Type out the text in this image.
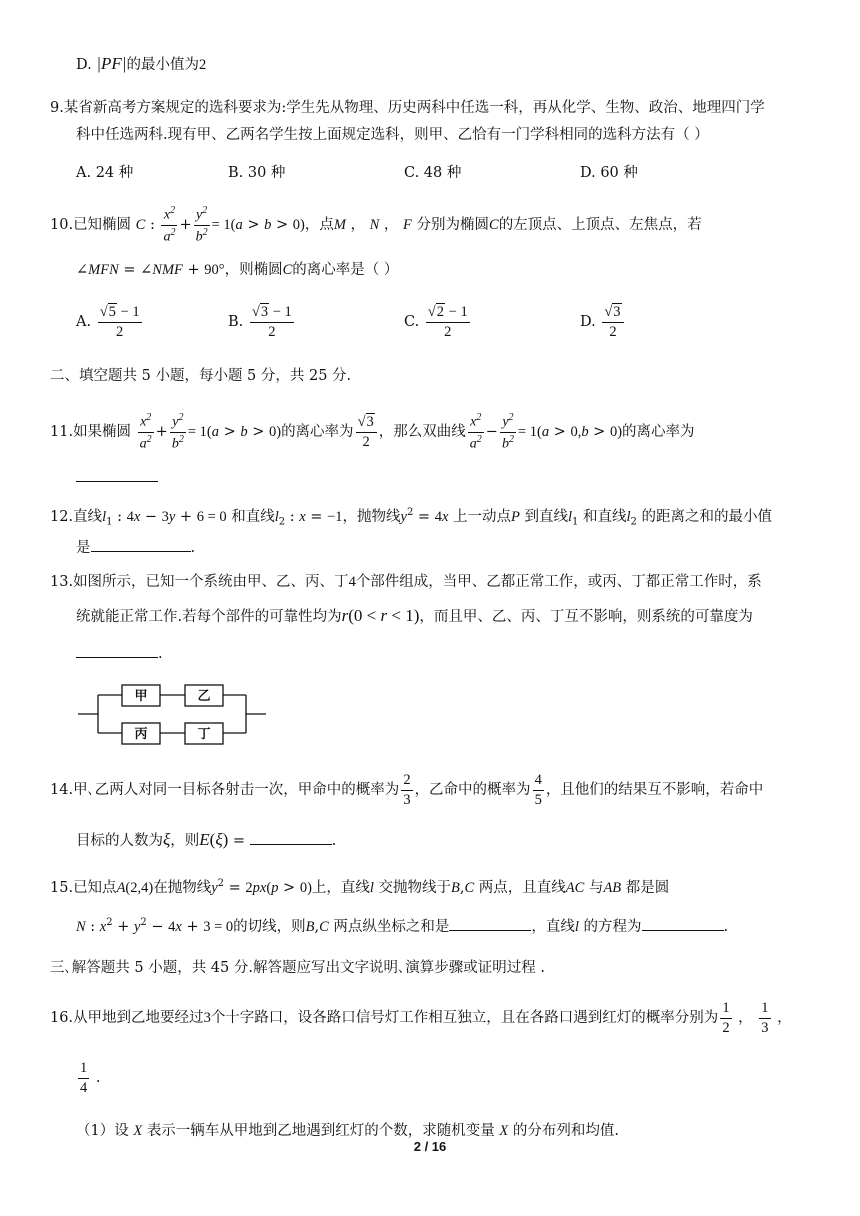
D. |PF|的最小值为2
9.某省新高考方案规定的选科要求为:学生先从物理、历史两科中任选一科，再从化学、生物、政治、地理四门学
科中任选两科.现有甲、乙两名学生按上面规定选科，则甲、乙恰有一门学科相同的选科方法有（ ）
A. 24 种	B. 30 种	C. 48 种	D. 60 种
10.已知椭圆 C : $\frac{x^2}{a^2} + \frac{y^2}{b^2} = 1(a > b > 0)$，点M ， N ， F 分别为椭圆C的左顶点、上顶点、左焦点，若
∠MFN = ∠NMF + 90°，则椭圆C的离心率是（ ）
A. $\frac{√5 - 1}{2}$	B. $\frac{√3 - 1}{2}$	C. $\frac{√2 - 1}{2}$	D. $\frac{√3}{2}$
二、填空题共 5 小题，每小题 5 分，共 25 分.
11.如果椭圆 $\frac{x^2}{a^2} + \frac{y^2}{b^2} = 1(a > b > 0)$的离心率为 $\frac{√3}{2}$ ，那么双曲线 $\frac{x^2}{a^2} - \frac{y^2}{b^2} = 1(a > 0,b > 0)$的离心率为
12.直线$l_1$ : 4x − 3y + 6 = 0 和直线$l_2$ : x = −1，抛物线$y^2 = 4x$ 上一动点P 到直线$l_1$ 和直线$l_2$ 的距离之和的最小值
是	.
13.如图所示，已知一个系统由甲、乙、丙、丁4个部件组成，当甲、乙都正常工作，或丙、丁都正常工作时，系
统就能正常工作.若每个部件的可靠性均为r(0 < r < 1)，而且甲、乙、丙、丁互不影响，则系统的可靠度为
.
甲	乙
丙	丁
14.甲､乙两人对同一目标各射击一次，甲命中的概率为 $\frac{2}{3}$ ，乙命中的概率为 $\frac{4}{5}$ ，且他们的结果互不影响，若命中
目标的人数为ξ，则E(ξ) =	.
15.已知点A(2,4)在抛物线$y^2 = 2px(p > 0)$上，直线l 交抛物线于B,C 两点，且直线AC 与AB 都是圆
N : $x^2 + y^2 - 4x + 3 = 0$的切线，则B,C 两点纵坐标之和是	，直线l 的方程为	.
三､解答题共 5 小题，共 45 分.解答题应写出文字说明､演算步骤或证明过程 .
16.从甲地到乙地要经过3个十字路口，设各路口信号灯工作相互独立，且在各路口遇到红灯的概率分别为 $\frac{1}{2}$ ， $\frac{1}{3}$ ，
$\frac{1}{4}$ .
（1）设 X 表示一辆车从甲地到乙地遇到红灯的个数，求随机变量 X 的分布列和均值.
2 / 16
